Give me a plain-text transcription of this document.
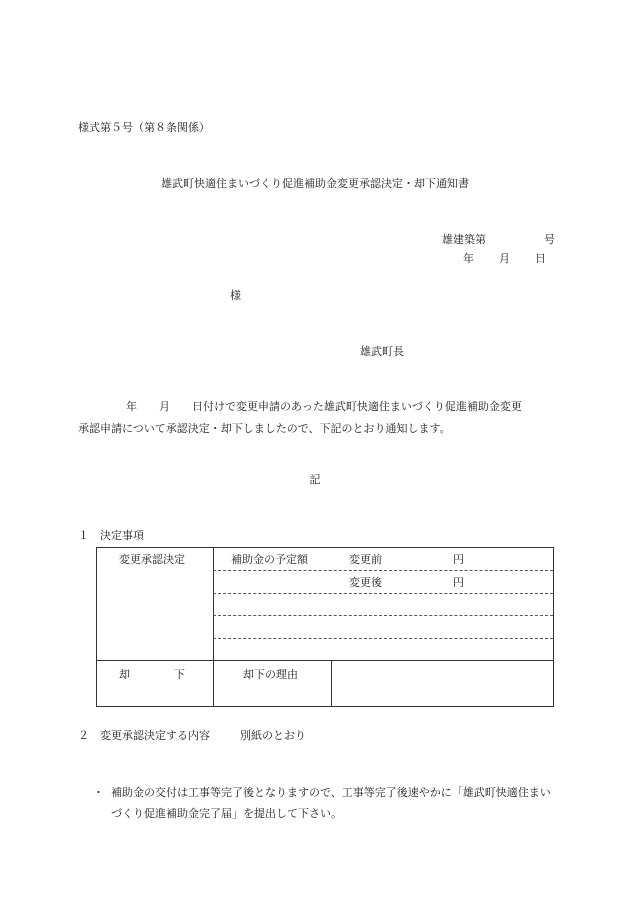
様式第５号（第８条関係）
雄武町快適住まいづくり促進補助金変更承認決定・却下通知書
雄建築第	号
年 月 日
様
雄武町長
年　　月　　日付けで変更申請のあった雄武町快適住まいづくり促進補助金変更
承認申請について承認決定・却下しましたので、下記のとおり通知します。
記
１　決定事項
変更承認決定	補助金の予定額	変更前	円
変更後	円
却　　　　下	却下の理由
２　変更承認決定する内容	別紙のとおり
・ 補助金の交付は工事等完了後となりますので、工事等完了後速やかに「雄武町快適住まいづくり促進補助金完了届」を提出して下さい。
